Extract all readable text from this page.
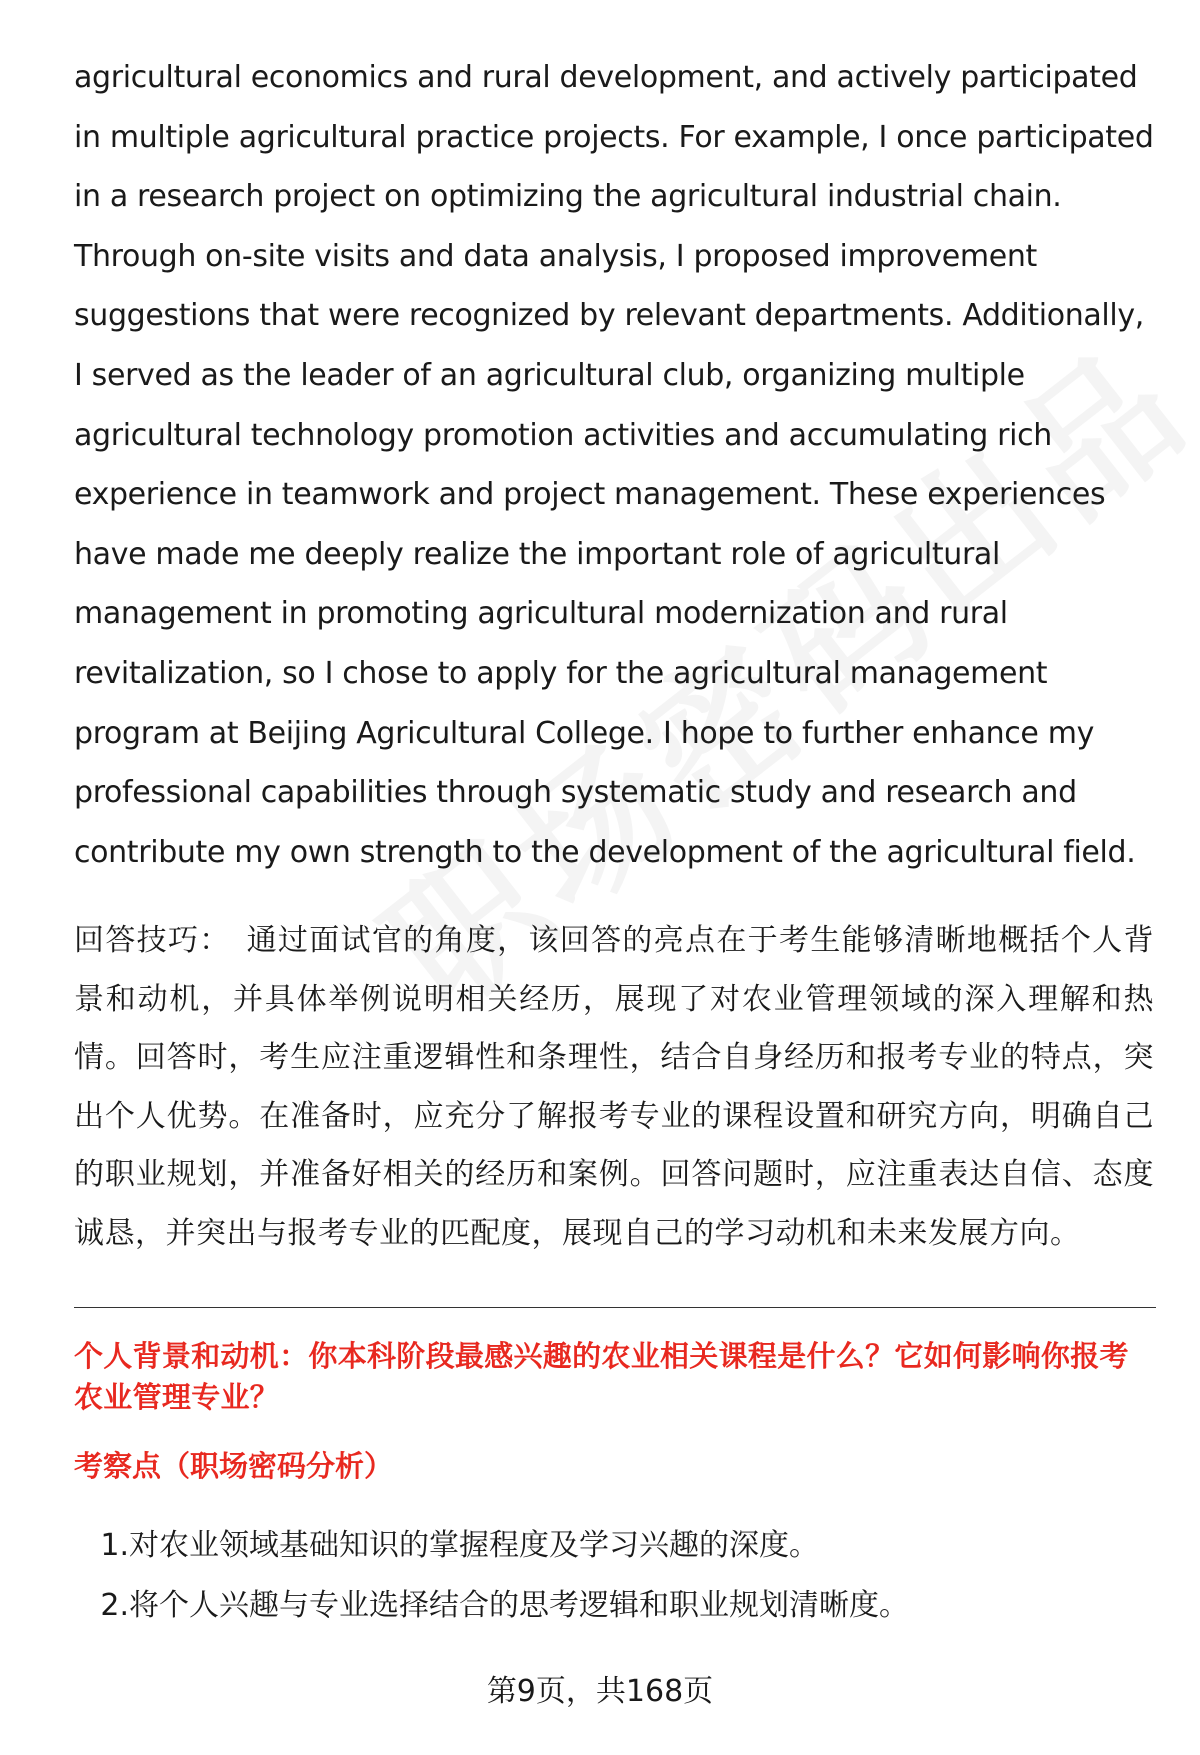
agricultural economics and rural development, and actively participated in multiple agricultural practice projects. For example, I once participated in a research project on optimizing the agricultural industrial chain. Through on-site visits and data analysis, I proposed improvement suggestions that were recognized by relevant departments. Additionally, I served as the leader of an agricultural club, organizing multiple agricultural technology promotion activities and accumulating rich experience in teamwork and project management. These experiences have made me deeply realize the important role of agricultural management in promoting agricultural modernization and rural revitalization, so I chose to apply for the agricultural management program at Beijing Agricultural College. I hope to further enhance my professional capabilities through systematic study and research and contribute my own strength to the development of the agricultural field.

回答技巧： 通过面试官的角度，该回答的亮点在于考生能够清晰地概括个人背景和动机，并具体举例说明相关经历，展现了对农业管理领域的深入理解和热情。回答时，考生应注重逻辑性和条理性，结合自身经历和报考专业的特点，突出个人优势。在准备时，应充分了解报考专业的课程设置和研究方向，明确自己的职业规划，并准备好相关的经历和案例。回答问题时，应注重表达自信、态度诚恳，并突出与报考专业的匹配度，展现自己的学习动机和未来发展方向。
个人背景和动机：你本科阶段最感兴趣的农业相关课程是什么？它如何影响你报考农业管理专业？
考察点（职场密码分析）
1. 对农业领域基础知识的掌握程度及学习兴趣的深度。
2. 将个人兴趣与专业选择结合的思考逻辑和职业规划清晰度。
第9页，共168页
